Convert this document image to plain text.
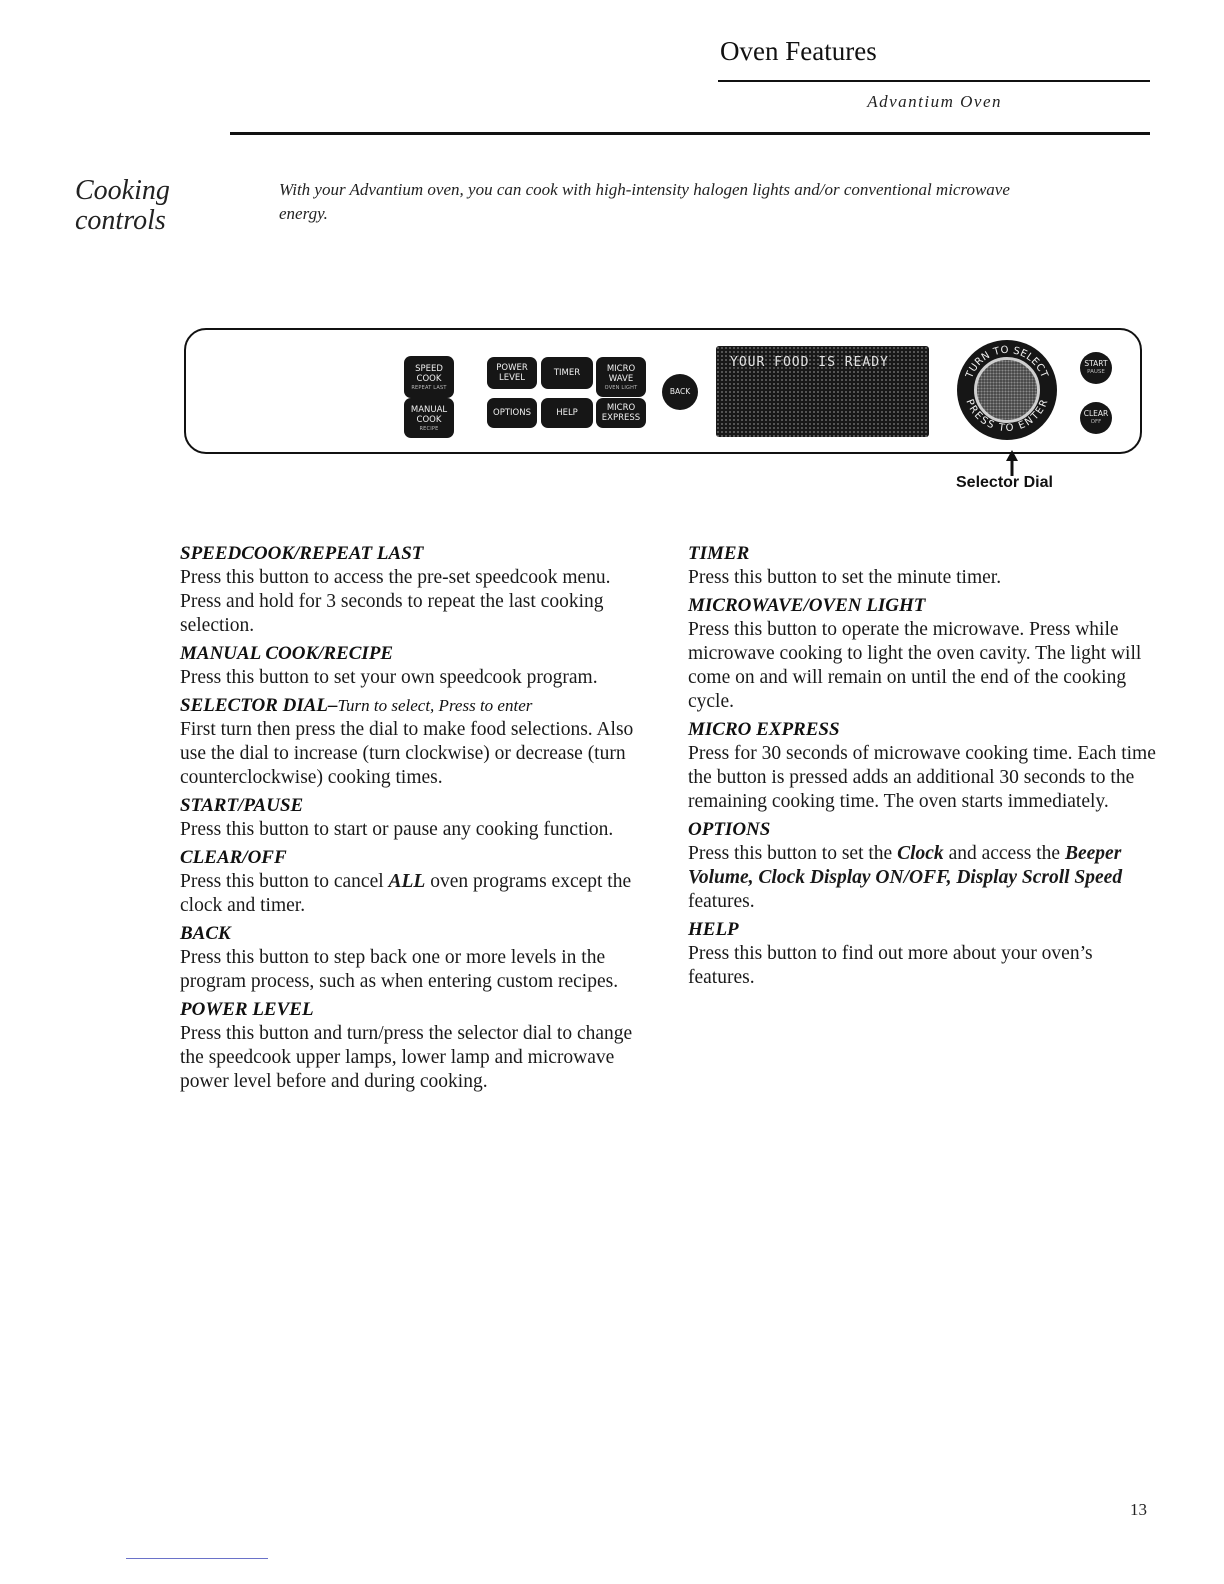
Oven Features
Advantium Oven
Cooking
controls
With your Advantium oven, you can cook with high-intensity halogen lights and/or conventional microwave energy.
SPEED COOK
REPEAT LAST
MANUAL COOK
RECIPE
POWER LEVEL	TIMER	MICRO WAVE
OVEN LIGHT
OPTIONS	HELP	MICRO EXPRESS
BACK
YOUR FOOD IS READY
TURN TO SELECT
PRESS TO ENTER
START
PAUSE
CLEAR
OFF
Selector Dial
SPEEDCOOK/REPEAT LAST

Press this button to access the pre-set speedcook menu. Press and hold for 3 seconds to repeat the last cooking selection.

MANUAL COOK/RECIPE

Press this button to set your own speedcook program.

SELECTOR DIAL–Turn to select, Press to enter

First turn then press the dial to make food selections. Also use the dial to increase (turn clockwise) or decrease (turn counterclockwise) cooking times.

START/PAUSE

Press this button to start or pause any cooking function.

CLEAR/OFF

Press this button to cancel ALL oven programs except the clock and timer.

BACK

Press this button to step back one or more levels in the program process, such as when entering custom recipes.

POWER LEVEL

Press this button and turn/press the selector dial to change the speedcook upper lamps, lower lamp and microwave power level before and during cooking.

TIMER

Press this button to set the minute timer.

MICROWAVE/OVEN LIGHT

Press this button to operate the microwave. Press while microwave cooking to light the oven cavity. The light will come on and will remain on until the end of the cooking cycle.

MICRO EXPRESS

Press for 30 seconds of microwave cooking time. Each time the button is pressed adds an additional 30 seconds to the remaining cooking time. The oven starts immediately.

OPTIONS

Press this button to set the Clock and access the Beeper Volume, Clock Display ON/OFF, Display Scroll Speed features.

HELP

Press this button to find out more about your oven’s features.

13
